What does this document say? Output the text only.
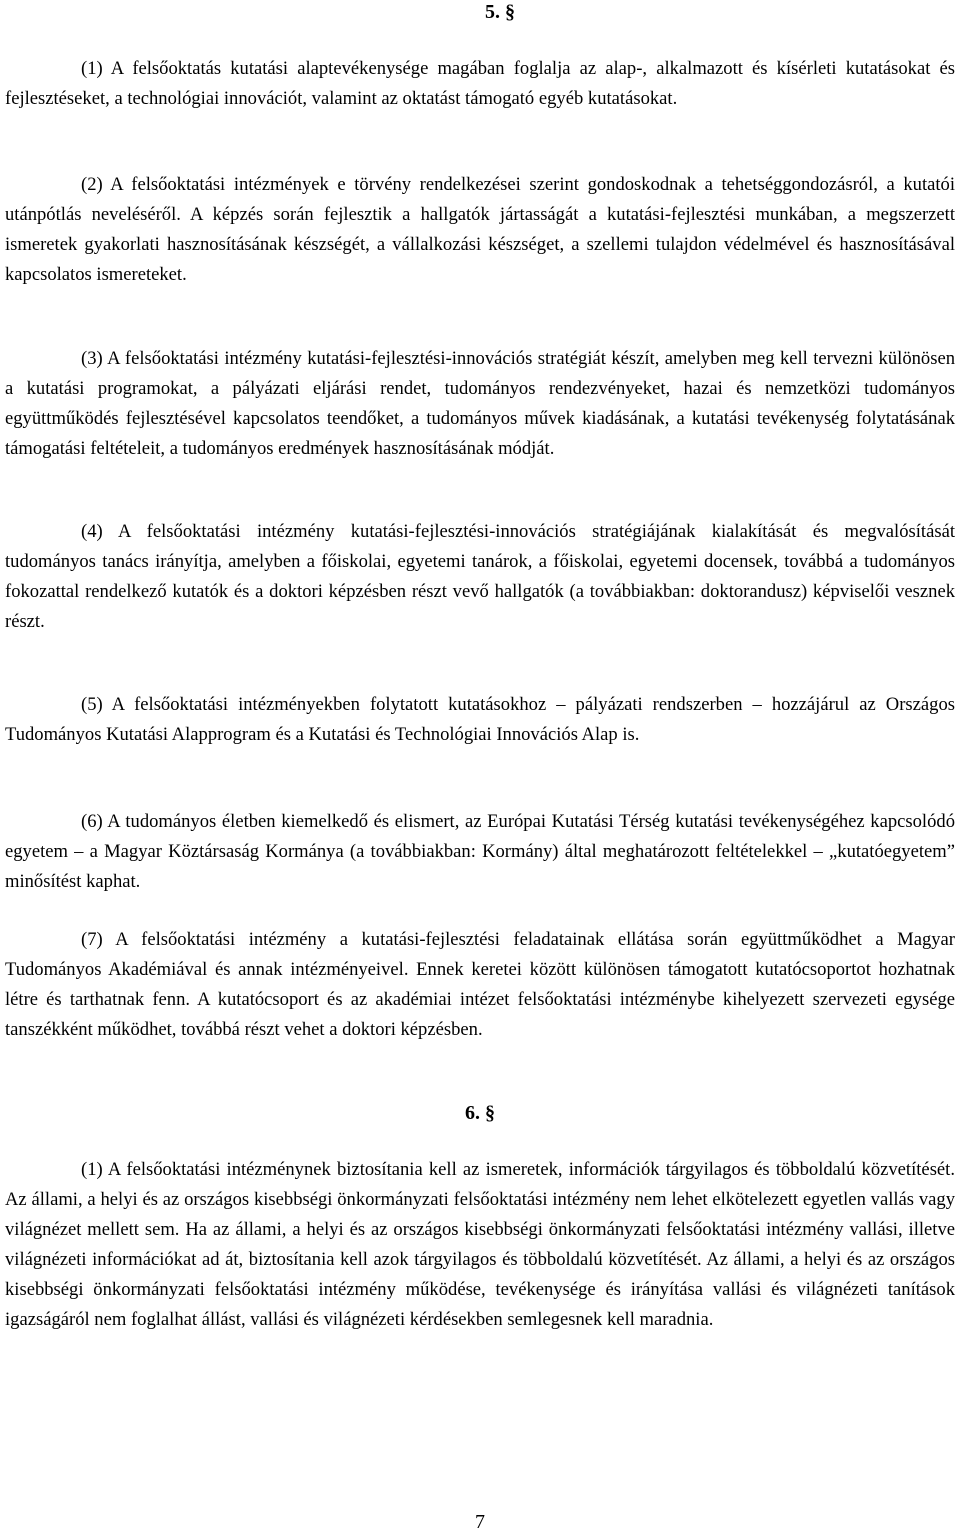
5. §

(1) A felsőoktatás kutatási alaptevékenysége magában foglalja az alap-, alkalmazott és kísérleti kutatásokat és fejlesztéseket, a technológiai innovációt, valamint az oktatást támogató egyéb kutatásokat.

(2) A felsőoktatási intézmények e törvény rendelkezései szerint gondoskodnak a tehetséggondozásról, a kutatói utánpótlás neveléséről. A képzés során fejlesztik a hallgatók jártasságát a kutatási-fejlesztési munkában, a megszerzett ismeretek gyakorlati hasznosításának készségét, a vállalkozási készséget, a szellemi tulajdon védelmével és hasznosításával kapcsolatos ismereteket.

(3) A felsőoktatási intézmény kutatási-fejlesztési-innovációs stratégiát készít, amelyben meg kell tervezni különösen a kutatási programokat, a pályázati eljárási rendet, tudományos rendezvényeket, hazai és nemzetközi tudományos együttműködés fejlesztésével kapcsolatos teendőket, a tudományos művek kiadásának, a kutatási tevékenység folytatásának támogatási feltételeit, a tudományos eredmények hasznosításának módját.

(4) A felsőoktatási intézmény kutatási-fejlesztési-innovációs stratégiájának kialakítását és megvalósítását tudományos tanács irányítja, amelyben a főiskolai, egyetemi tanárok, a főiskolai, egyetemi docensek, továbbá a tudományos fokozattal rendelkező kutatók és a doktori képzésben részt vevő hallgatók (a továbbiakban: doktorandusz) képviselői vesznek részt.

(5) A felsőoktatási intézményekben folytatott kutatásokhoz – pályázati rendszerben – hozzájárul az Országos Tudományos Kutatási Alapprogram és a Kutatási és Technológiai Innovációs Alap is.

(6) A tudományos életben kiemelkedő és elismert, az Európai Kutatási Térség kutatási tevékenységéhez kapcsolódó egyetem – a Magyar Köztársaság Kormánya (a továbbiakban: Kormány) által meghatározott feltételekkel – „kutatóegyetem” minősítést kaphat.

(7) A felsőoktatási intézmény a kutatási-fejlesztési feladatainak ellátása során együttműködhet a Magyar Tudományos Akadémiával és annak intézményeivel. Ennek keretei között különösen támogatott kutatócsoportot hozhatnak létre és tarthatnak fenn. A kutatócsoport és az akadémiai intézet felsőoktatási intézménybe kihelyezett szervezeti egysége tanszékként működhet, továbbá részt vehet a doktori képzésben.

6. §

(1) A felsőoktatási intézménynek biztosítania kell az ismeretek, információk tárgyilagos és többoldalú közvetítését. Az állami, a helyi és az országos kisebbségi önkormányzati felsőoktatási intézmény nem lehet elkötelezett egyetlen vallás vagy világnézet mellett sem. Ha az állami, a helyi és az országos kisebbségi önkormányzati felsőoktatási intézmény vallási, illetve világnézeti információkat ad át, biztosítania kell azok tárgyilagos és többoldalú közvetítését. Az állami, a helyi és az országos kisebbségi önkormányzati felsőoktatási intézmény működése, tevékenysége és irányítása vallási és világnézeti tanítások igazságáról nem foglalhat állást, vallási és világnézeti kérdésekben semlegesnek kell maradnia.

7
